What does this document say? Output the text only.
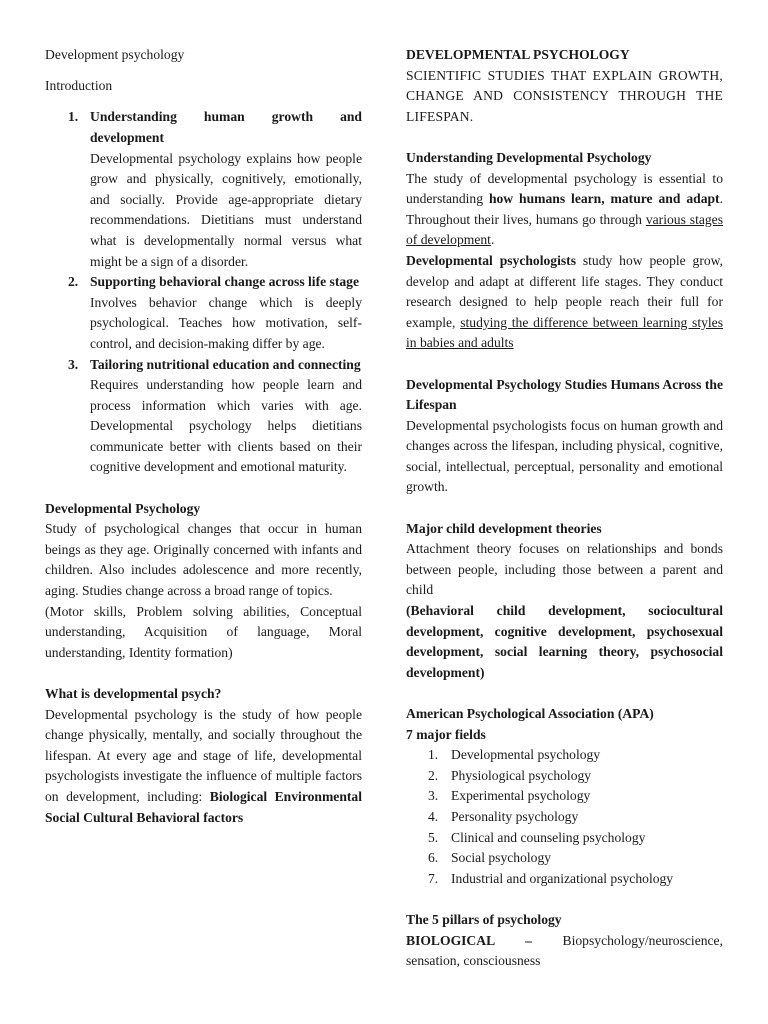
Development psychology

Introduction

1. Understanding human growth and development

Developmental psychology explains how people grow and physically, cognitively, emotionally, and socially. Provide age-appropriate dietary recommendations. Dietitians must understand what is developmentally normal versus what might be a sign of a disorder.

2. Supporting behavioral change across life stage

Involves behavior change which is deeply psychological. Teaches how motivation, self-control, and decision-making differ by age.

3. Tailoring nutritional education and connecting

Requires understanding how people learn and process information which varies with age. Developmental psychology helps dietitians communicate better with clients based on their cognitive development and emotional maturity.

Developmental Psychology

Study of psychological changes that occur in human beings as they age. Originally concerned with infants and children. Also includes adolescence and more recently, aging. Studies change across a broad range of topics.

(Motor skills, Problem solving abilities, Conceptual understanding, Acquisition of language, Moral understanding, Identity formation)

What is developmental psych?

Developmental psychology is the study of how people change physically, mentally, and socially throughout the lifespan. At every age and stage of life, developmental psychologists investigate the influence of multiple factors on development, including: Biological Environmental Social Cultural Behavioral factors

DEVELOPMENTAL PSYCHOLOGY

SCIENTIFIC STUDIES THAT EXPLAIN GROWTH, CHANGE AND CONSISTENCY THROUGH THE LIFESPAN.

Understanding Developmental Psychology

The study of developmental psychology is essential to understanding how humans learn, mature and adapt. Throughout their lives, humans go through various stages of development.

Developmental psychologists study how people grow, develop and adapt at different life stages. They conduct research designed to help people reach their full for example, studying the difference between learning styles in babies and adults

Developmental Psychology Studies Humans Across the Lifespan

Developmental psychologists focus on human growth and changes across the lifespan, including physical, cognitive, social, intellectual, perceptual, personality and emotional growth.

Major child development theories

Attachment theory focuses on relationships and bonds between people, including those between a parent and child

(Behavioral child development, sociocultural development, cognitive development, psychosexual development, social learning theory, psychosocial development)

American Psychological Association (APA)

7 major fields

1. Developmental psychology
2. Physiological psychology
3. Experimental psychology
4. Personality psychology
5. Clinical and counseling psychology
6. Social psychology
7. Industrial and organizational psychology

The 5 pillars of psychology

BIOLOGICAL – Biopsychology/neuroscience, sensation, consciousness
